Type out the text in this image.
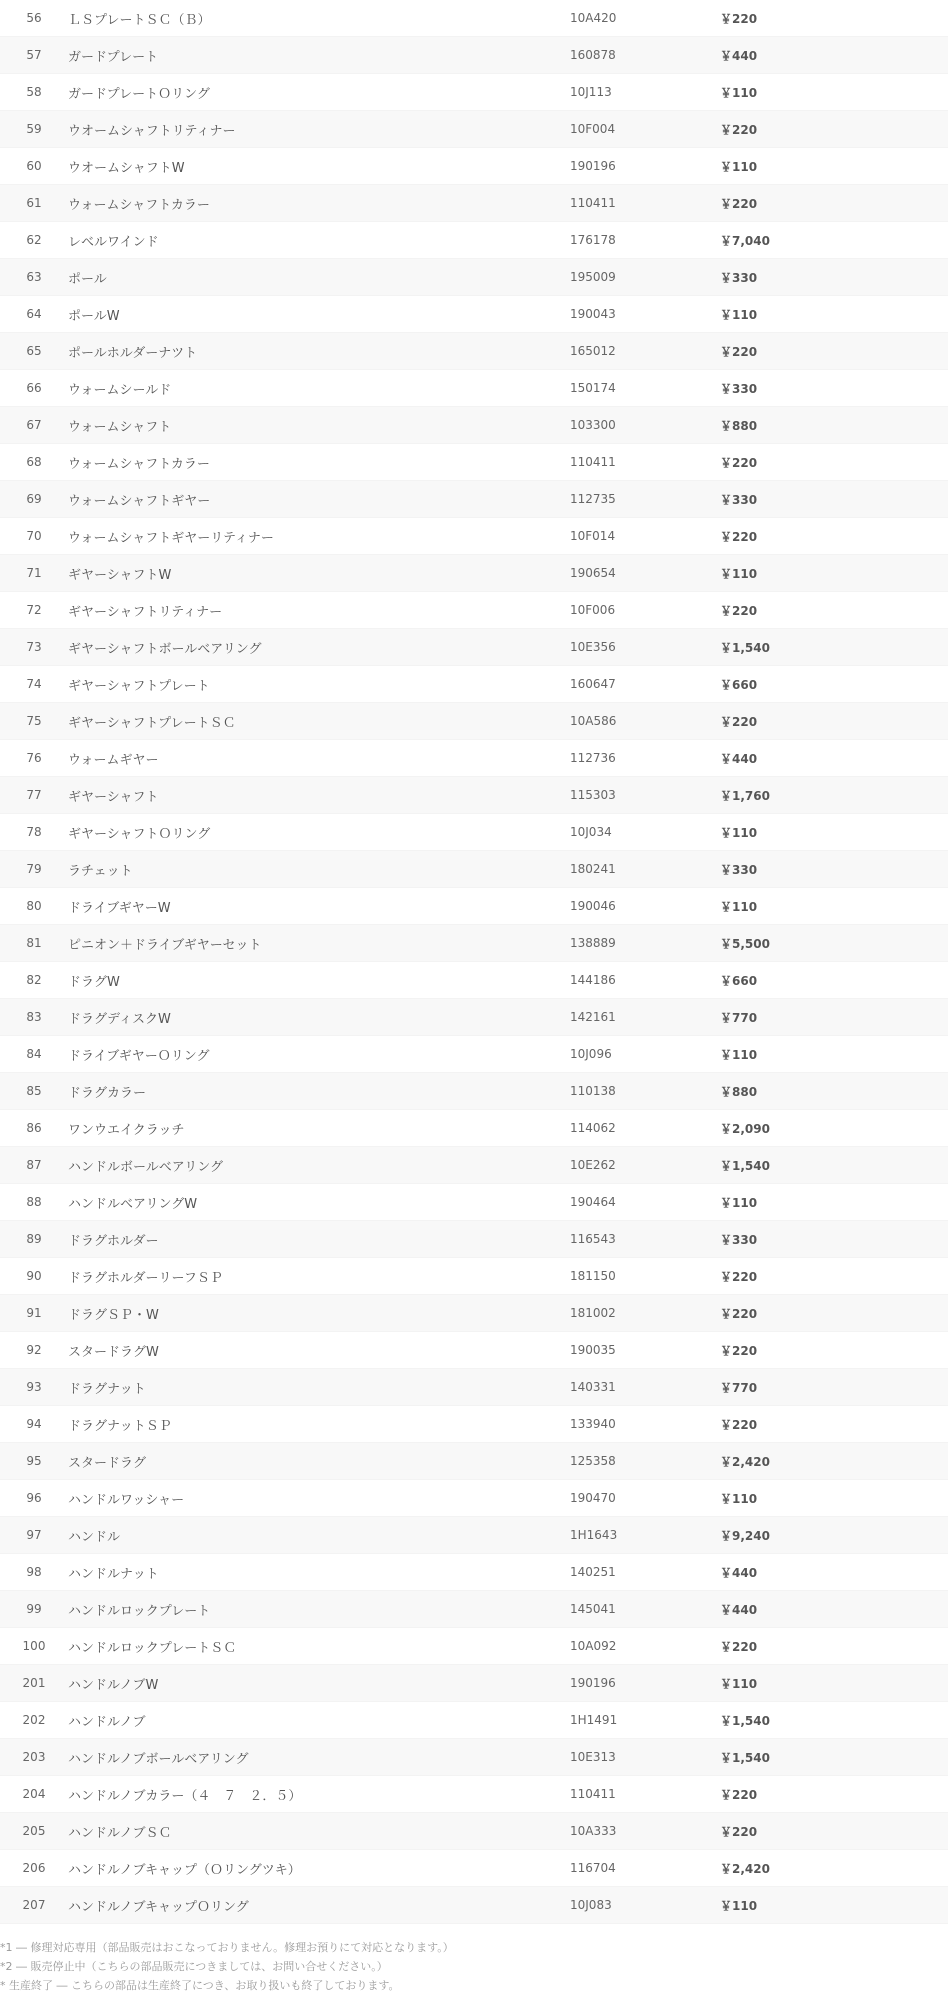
56	ＬＳプレートＳＣ（Ｂ）	10A420	￥220
57	ガードプレート	160878	￥440
58	ガードプレートＯリング	10J113	￥110
59	ウオームシャフトリティナー	10F004	￥220
60	ウオームシャフトW	190196	￥110
61	ウォームシャフトカラー	110411	￥220
62	レベルワインド	176178	￥7,040
63	ポール	195009	￥330
64	ポールW	190043	￥110
65	ポールホルダーナツト	165012	￥220
66	ウォームシールド	150174	￥330
67	ウォームシャフト	103300	￥880
68	ウォームシャフトカラー	110411	￥220
69	ウォームシャフトギヤー	112735	￥330
70	ウォームシャフトギヤーリティナー	10F014	￥220
71	ギヤーシャフトW	190654	￥110
72	ギヤーシャフトリティナー	10F006	￥220
73	ギヤーシャフトボールベアリング	10E356	￥1,540
74	ギヤーシャフトプレート	160647	￥660
75	ギヤーシャフトプレートＳＣ	10A586	￥220
76	ウォームギヤー	112736	￥440
77	ギヤーシャフト	115303	￥1,760
78	ギヤーシャフトＯリング	10J034	￥110
79	ラチェット	180241	￥330
80	ドライブギヤーW	190046	￥110
81	ピニオン＋ドライブギヤーセット	138889	￥5,500
82	ドラグW	144186	￥660
83	ドラグディスクW	142161	￥770
84	ドライブギヤーＯリング	10J096	￥110
85	ドラグカラー	110138	￥880
86	ワンウエイクラッチ	114062	￥2,090
87	ハンドルボールベアリング	10E262	￥1,540
88	ハンドルベアリングW	190464	￥110
89	ドラグホルダー	116543	￥330
90	ドラグホルダーリーフＳＰ	181150	￥220
91	ドラグＳＰ・W	181002	￥220
92	スタードラグW	190035	￥220
93	ドラグナット	140331	￥770
94	ドラグナットＳＰ	133940	￥220
95	スタードラグ	125358	￥2,420
96	ハンドルワッシャー	190470	￥110
97	ハンドル	1H1643	￥9,240
98	ハンドルナット	140251	￥440
99	ハンドルロックプレート	145041	￥440
100	ハンドルロックプレートＳＣ	10A092	￥220
201	ハンドルノブW	190196	￥110
202	ハンドルノブ	1H1491	￥1,540
203	ハンドルノブボールベアリング	10E313	￥1,540
204	ハンドルノブカラー（４　７　２．５）	110411	￥220
205	ハンドルノブＳＣ	10A333	￥220
206	ハンドルノブキャップ（Ｏリングツキ）	116704	￥2,420
207	ハンドルノブキャップＯリング	10J083	￥110
*1 ― 修理対応専用（部品販売はおこなっておりません。修理お預りにて対応となります。）
*2 ― 販売停止中（こちらの部品販売につきましては、お問い合せください。）
* 生産終了 ― こちらの部品は生産終了につき、お取り扱いも終了しております。
